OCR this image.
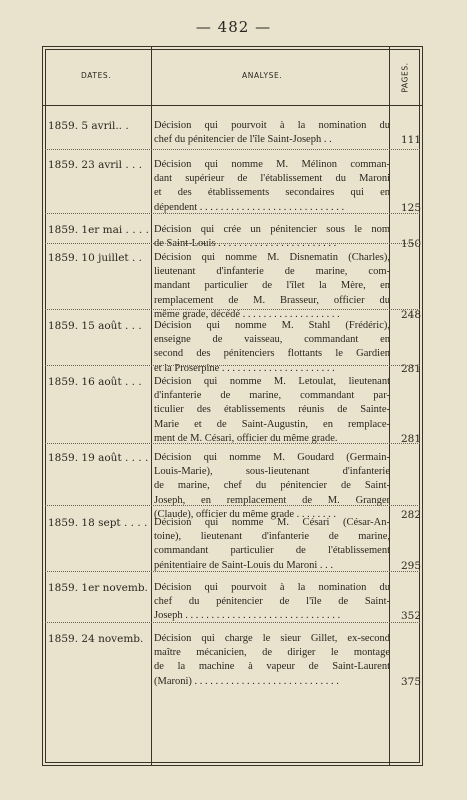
— 482 —
DATES.	ANALYSE.	PAGES.
1859. 5 avril.. .	Décision qui pourvoit à la nomination du
chef du pénitencier de l'île Saint-Joseph . .	111
1859. 23 avril . . .	Décision qui nomme M. Mélinon comman-
dant supérieur de l'établissement du Maroni
et des établissements secondaires qui en
dépendent . . . . . . . . . . . . . . . . . . . . . . . . . . . .	125
1859. 1er mai . . . . Décision qui crée un pénitencier sous le nom
de Saint-Louis . . . . . . . . . . . . . . . . . . . . . . .	150
1859. 10 juillet . .	Décision qui nomme M. Disnematin (Charles),
lieutenant d'infanterie de marine, com-
mandant particulier de l'îlet la Mère, en
remplacement de M. Brasseur, officier du
même grade, décédé . . . . . . . . . . . . . . . . . . .	248
1859. 15 août . . .	Décision qui nomme M. Stahl (Frédéric),
enseigne de vaisseau, commandant en
second des pénitenciers flottants le Gardien
et la Proserpine . . . . . . . . . . . . . . . . . . . . . .	281
1859. 16 août . . .	Décision qui nomme M. Letoulat, lieutenant
d'infanterie de marine, commandant par-
ticulier des établissements réunis de Sainte-
Marie et de Saint-Augustin, en remplace-
ment de M. Césari, officier du même grade.	281
1859. 19 août . . . . Décision qui nomme M. Goudard (Germain-
Louis-Marie), sous-lieutenant d'infanterie
de marine, chef du pénitencier de Saint-
Joseph, en remplacement de M. Granger
(Claude), officier du même grade . . . . . . . .	282
1859. 18 sept . . . . Décision qui nomme M. Césari (César-An-
toine), lieutenant d'infanterie de marine,
commandant particulier de l'établissement
pénitentiaire de Saint-Louis du Maroni . . .	295
1859. 1er novemb. Décision qui pourvoit à la nomination du
chef du pénitencier de l'île de Saint-
Joseph . . . . . . . . . . . . . . . . . . . . . . . . . . . . . .	352
1859. 24 novemb.	Décision qui charge le sieur Gillet, ex-second
maître mécanicien, de diriger le montage
de la machine à vapeur de Saint-Laurent
(Maroni) . . . . . . . . . . . . . . . . . . . . . . . . . . . .	375
